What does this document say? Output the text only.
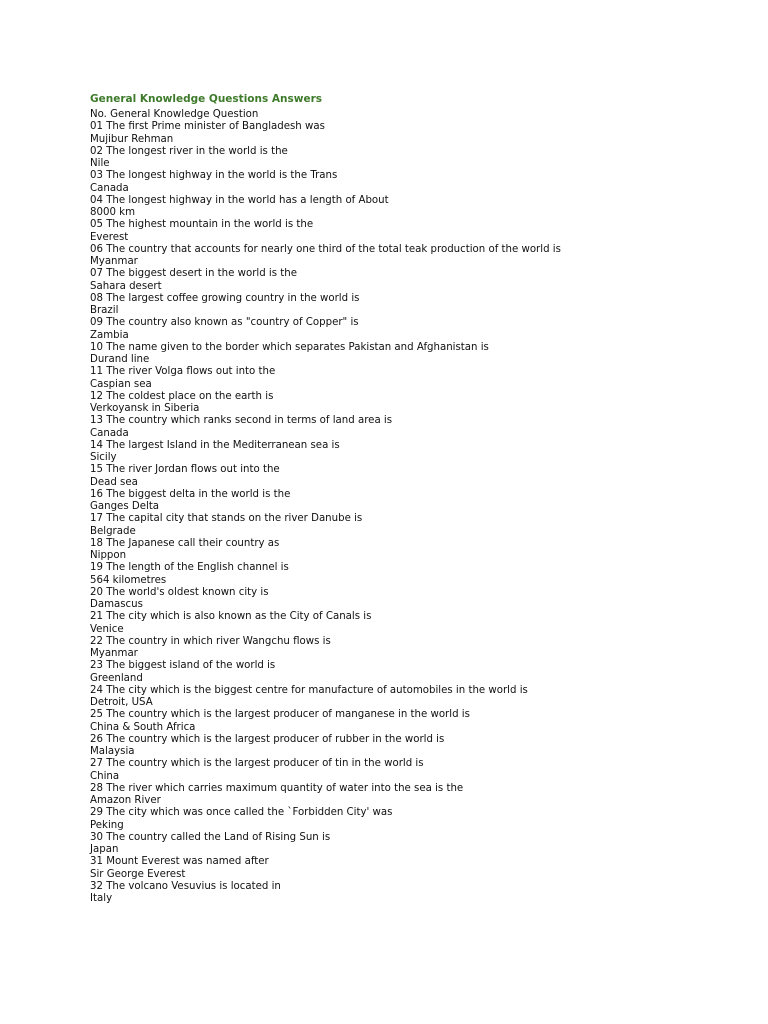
General Knowledge Questions Answers
No. General Knowledge Question
01 The first Prime minister of Bangladesh was
Mujibur Rehman
02 The longest river in the world is the
Nile
03 The longest highway in the world is the Trans
Canada
04 The longest highway in the world has a length of About
8000 km
05 The highest mountain in the world is the
Everest
06 The country that accounts for nearly one third of the total teak production of the world is
Myanmar
07 The biggest desert in the world is the
Sahara desert
08 The largest coffee growing country in the world is
Brazil
09 The country also known as "country of Copper" is
Zambia
10 The name given to the border which separates Pakistan and Afghanistan is
Durand line
11 The river Volga flows out into the
Caspian sea
12 The coldest place on the earth is
Verkoyansk in Siberia
13 The country which ranks second in terms of land area is
Canada
14 The largest Island in the Mediterranean sea is
Sicily
15 The river Jordan flows out into the
Dead sea
16 The biggest delta in the world is the
Ganges Delta
17 The capital city that stands on the river Danube is
Belgrade
18 The Japanese call their country as
Nippon
19 The length of the English channel is
564 kilometres
20 The world's oldest known city is
Damascus
21 The city which is also known as the City of Canals is
Venice
22 The country in which river Wangchu flows is
Myanmar
23 The biggest island of the world is
Greenland
24 The city which is the biggest centre for manufacture of automobiles in the world is
Detroit, USA
25 The country which is the largest producer of manganese in the world is
China & South Africa
26 The country which is the largest producer of rubber in the world is
Malaysia
27 The country which is the largest producer of tin in the world is
China
28 The river which carries maximum quantity of water into the sea is the
Amazon River
29 The city which was once called the `Forbidden City' was
Peking
30 The country called the Land of Rising Sun is
Japan
31 Mount Everest was named after
Sir George Everest
32 The volcano Vesuvius is located in
Italy
